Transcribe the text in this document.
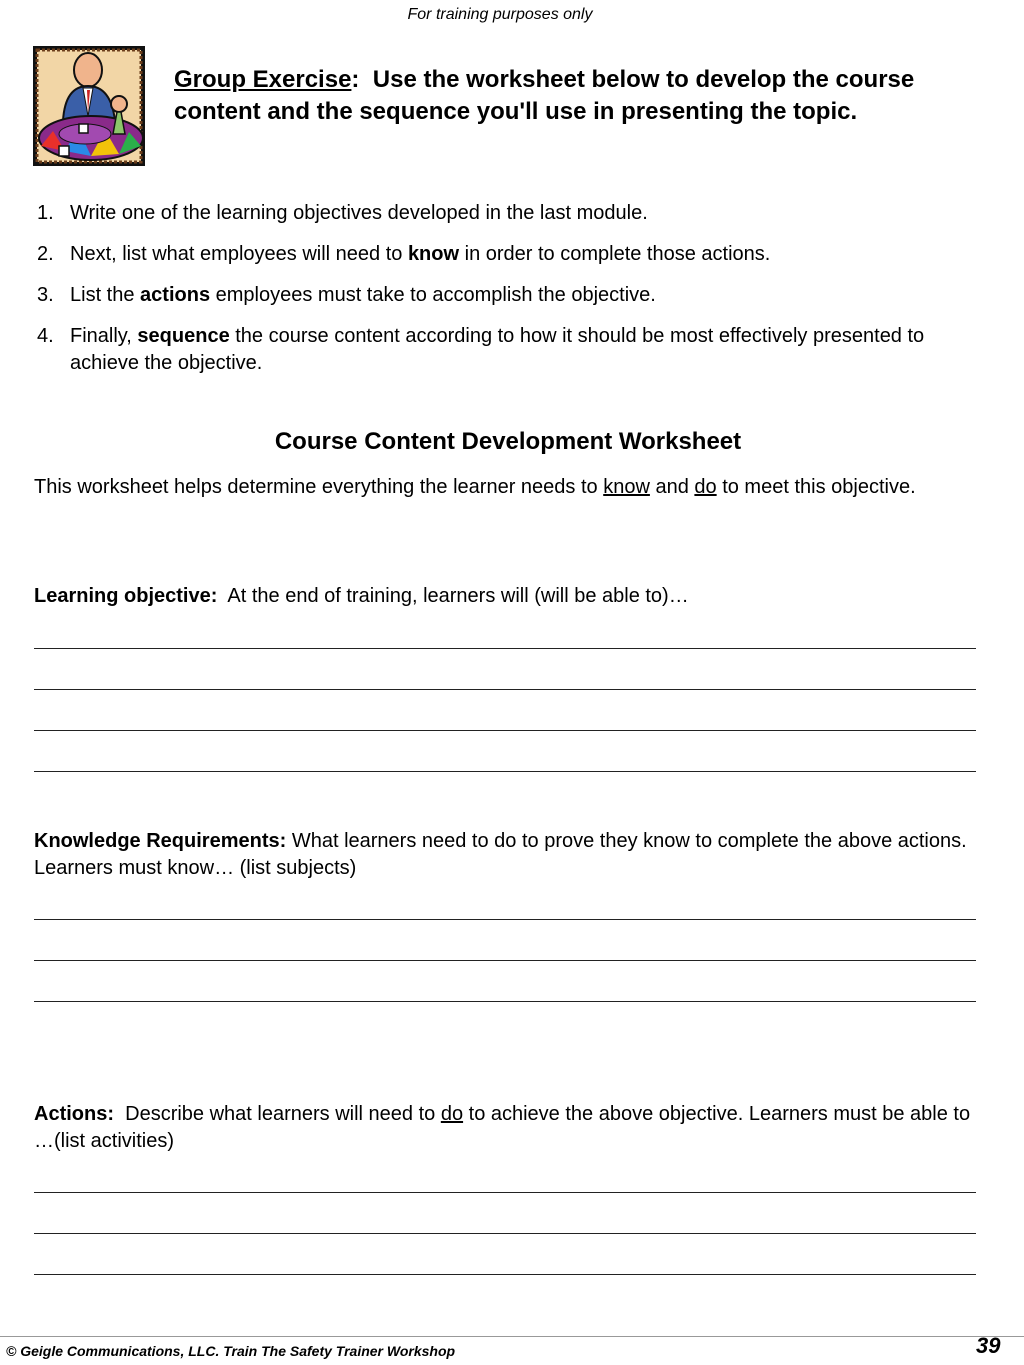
For training purposes only
Group Exercise: Use the worksheet below to develop the course content and the sequence you'll use in presenting the topic.
1. Write one of the learning objectives developed in the last module.
2. Next, list what employees will need to know in order to complete those actions.
3. List the actions employees must take to accomplish the objective.
4. Finally, sequence the course content according to how it should be most effectively presented to achieve the objective.
Course Content Development Worksheet
This worksheet helps determine everything the learner needs to know and do to meet this objective.
Learning objective: At the end of training, learners will (will be able to)…
Knowledge Requirements: What learners need to do to prove they know to complete the above actions. Learners must know… (list subjects)
Actions: Describe what learners will need to do to achieve the above objective. Learners must be able to …(list activities)
© Geigle Communications, LLC. Train The Safety Trainer Workshop	39
